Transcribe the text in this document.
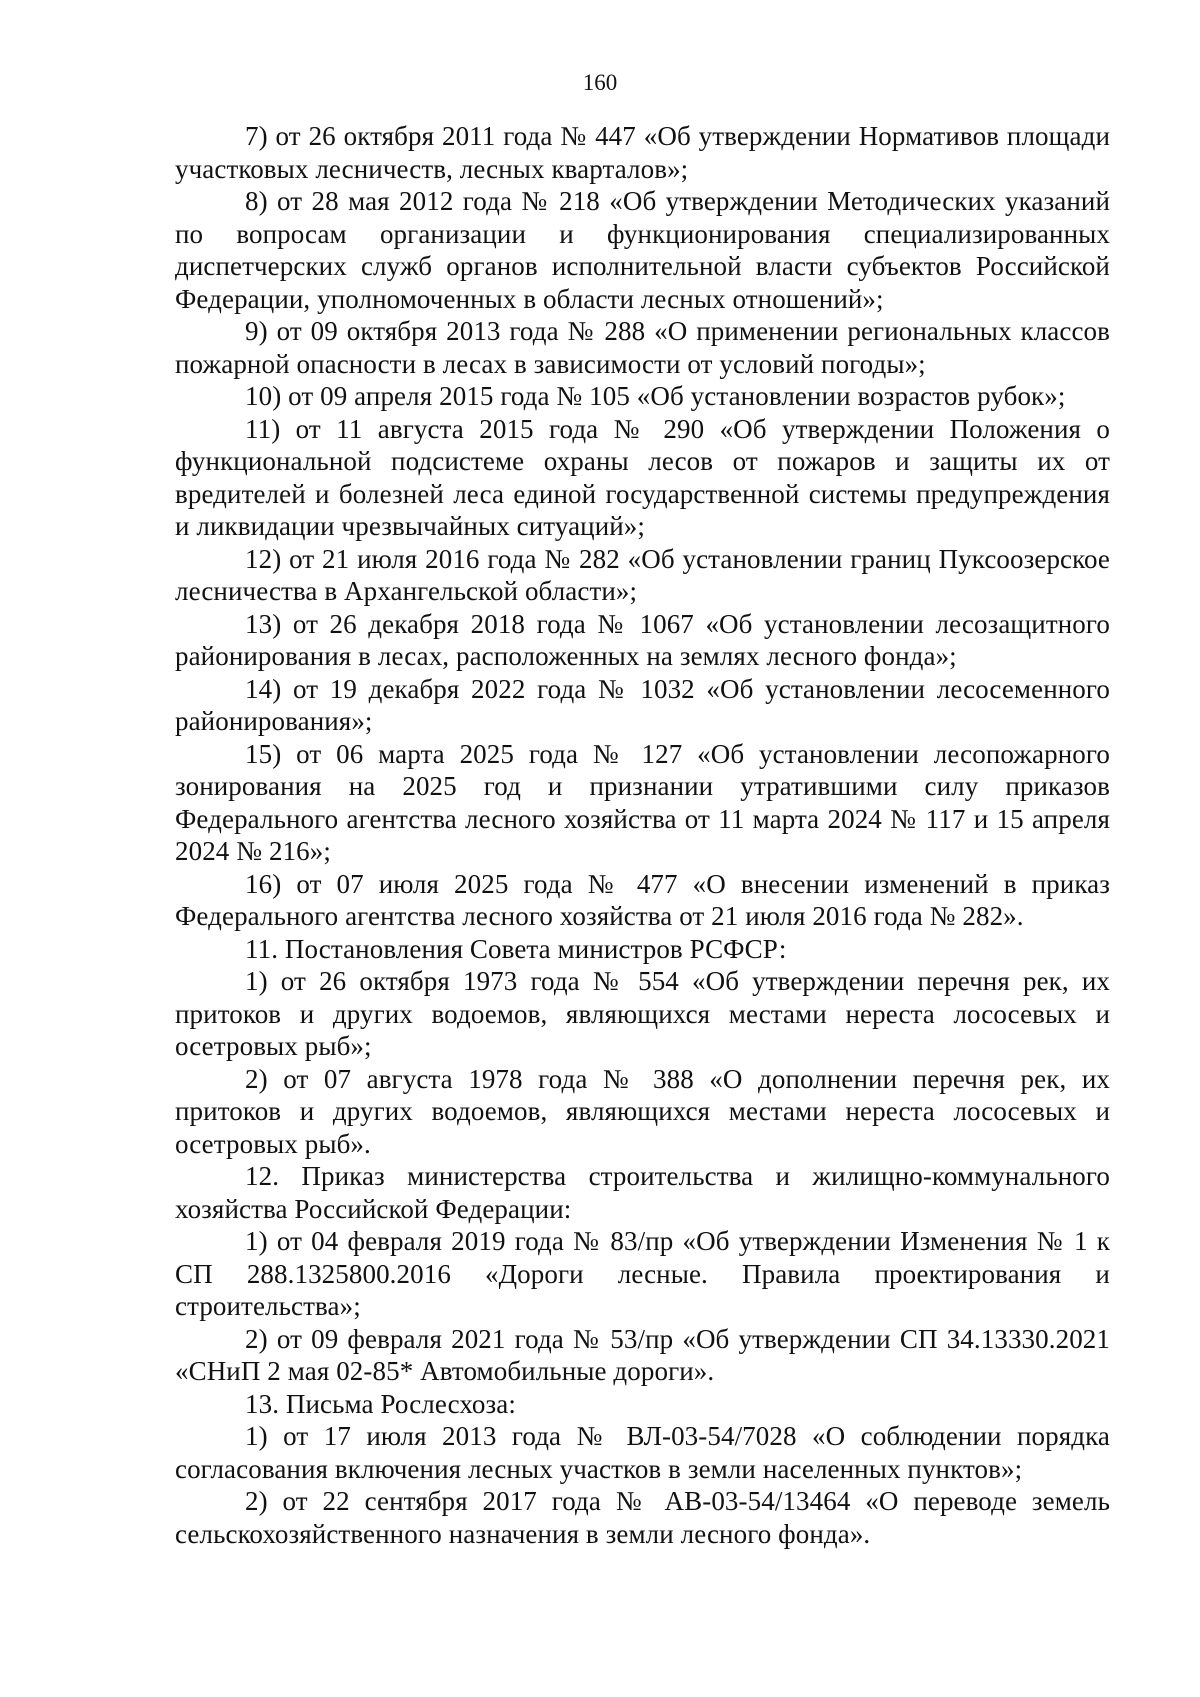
160

7) от 26 октября 2011 года № 447 «Об утверждении Нормативов площади участковых лесничеств, лесных кварталов»;

8) от 28 мая 2012 года № 218 «Об утверждении Методических указаний по вопросам организации и функционирования специализированных диспетчерских служб органов исполнительной власти субъектов Российской Федерации, уполномоченных в области лесных отношений»;

9) от 09 октября 2013 года № 288 «О применении региональных классов пожарной опасности в лесах в зависимости от условий погоды»;

10) от 09 апреля 2015 года № 105 «Об установлении возрастов рубок»;

11) от 11 августа 2015 года № 290 «Об утверждении Положения о функциональной подсистеме охраны лесов от пожаров и защиты их от вредителей и болезней леса единой государственной системы предупреждения и ликвидации чрезвычайных ситуаций»;

12) от 21 июля 2016 года № 282 «Об установлении границ Пуксоозерское лесничества в Архангельской области»;

13) от 26 декабря 2018 года № 1067 «Об установлении лесозащитного районирования в лесах, расположенных на землях лесного фонда»;

14) от 19 декабря 2022 года № 1032 «Об установлении лесосеменного районирования»;

15) от 06 марта 2025 года № 127 «Об установлении лесопожарного зонирования на 2025 год и признании утратившими силу приказов Федерального агентства лесного хозяйства от 11 марта 2024 № 117 и 15 апреля 2024 № 216»;

16) от 07 июля 2025 года № 477 «О внесении изменений в приказ Федерального агентства лесного хозяйства от 21 июля 2016 года № 282».

11. Постановления Совета министров РСФСР:

1) от 26 октября 1973 года № 554 «Об утверждении перечня рек, их притоков и других водоемов, являющихся местами нереста лососевых и осетровых рыб»;

2) от 07 августа 1978 года № 388 «О дополнении перечня рек, их притоков и других водоемов, являющихся местами нереста лососевых и осетровых рыб».

12. Приказ министерства строительства и жилищно-коммунального хозяйства Российской Федерации:

1) от 04 февраля 2019 года № 83/пр «Об утверждении Изменения № 1 к СП 288.1325800.2016 «Дороги лесные. Правила проектирования и строительства»;

2) от 09 февраля 2021 года № 53/пр «Об утверждении СП 34.13330.2021 «СНиП 2 мая 02-85* Автомобильные дороги».

13. Письма Рослесхоза:

1) от 17 июля 2013 года № ВЛ-03-54/7028 «О соблюдении порядка согласования включения лесных участков в земли населенных пунктов»;

2) от 22 сентября 2017 года № АВ-03-54/13464 «О переводе земель сельскохозяйственного назначения в земли лесного фонда».
